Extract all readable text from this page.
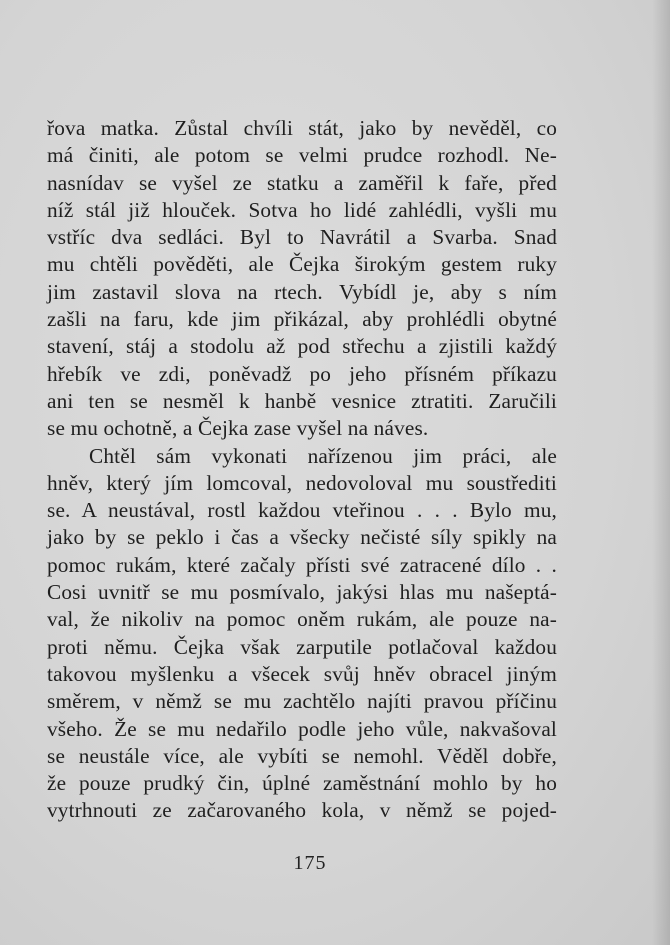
řova matka. Zůstal chvíli stát, jako by nevěděl, co
má činiti, ale potom se velmi prudce rozhodl. Ne-
nasnídav se vyšel ze statku a zaměřil k faře, před
níž stál již hlouček. Sotva ho lidé zahlédli, vyšli mu
vstříc dva sedláci. Byl to Navrátil a Svarba. Snad
mu chtěli pověděti, ale Čejka širokým gestem ruky
jim zastavil slova na rtech. Vybídl je, aby s ním
zašli na faru, kde jim přikázal, aby prohlédli obytné
stavení, stáj a stodolu až pod střechu a zjistili každý
hřebík ve zdi, poněvadž po jeho přísném příkazu
ani ten se nesměl k hanbě vesnice ztratiti. Zaručili
se mu ochotně, a Čejka zase vyšel na náves.
Chtěl sám vykonati nařízenou jim práci, ale
hněv, který jím lomcoval, nedovoloval mu soustřediti
se. A neustával, rostl každou vteřinou . . . Bylo mu,
jako by se peklo i čas a všecky nečisté síly spikly na
pomoc rukám, které začaly přísti své zatracené dílo . .
Cosi uvnitř se mu posmívalo, jakýsi hlas mu našeptá-
val, že nikoliv na pomoc oněm rukám, ale pouze na-
proti němu. Čejka však zarputile potlačoval každou
takovou myšlenku a všecek svůj hněv obracel jiným
směrem, v němž se mu zachtělo najíti pravou příčinu
všeho. Že se mu nedařilo podle jeho vůle, nakvašoval
se neustále více, ale vybíti se nemohl. Věděl dobře,
že pouze prudký čin, úplné zaměstnání mohlo by ho
vytrhnouti ze začarovaného kola, v němž se pojed-
175
